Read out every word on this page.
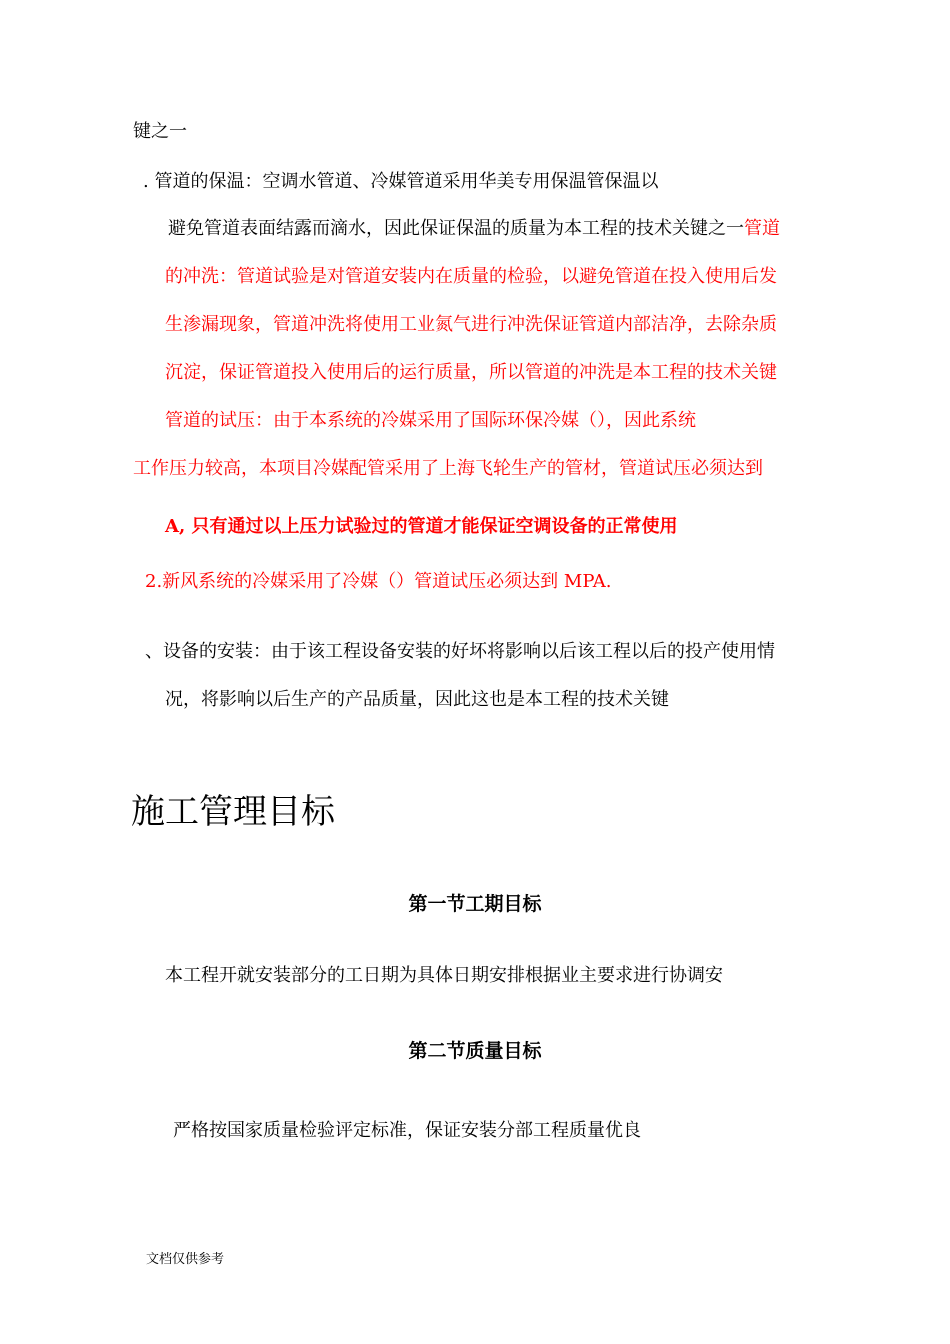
键之一
. 管道的保温：空调水管道、冷媒管道采用华美专用保温管保温以
避免管道表面结露而滴水，因此保证保温的质量为本工程的技术关键之一管道
的冲洗：管道试验是对管道安装内在质量的检验，以避免管道在投入使用后发
生渗漏现象，管道冲洗将使用工业氮气进行冲洗保证管道内部洁净，去除杂质
沉淀，保证管道投入使用后的运行质量，所以管道的冲洗是本工程的技术关键
管道的试压：由于本系统的冷媒采用了国际环保冷媒（），因此系统
工作压力较高，本项目冷媒配管采用了上海飞轮生产的管材，管道试压必须达到
A, 只有通过以上压力试验过的管道才能保证空调设备的正常使用
2.新风系统的冷媒采用了冷媒（）管道试压必须达到 MPA.
、设备的安装：由于该工程设备安装的好坏将影响以后该工程以后的投产使用情
况，将影响以后生产的产品质量，因此这也是本工程的技术关键
施工管理目标
第一节工期目标
本工程开就安装部分的工日期为具体日期安排根据业主要求进行协调安
第二节质量目标
严格按国家质量检验评定标准，保证安装分部工程质量优良
文档仅供参考
